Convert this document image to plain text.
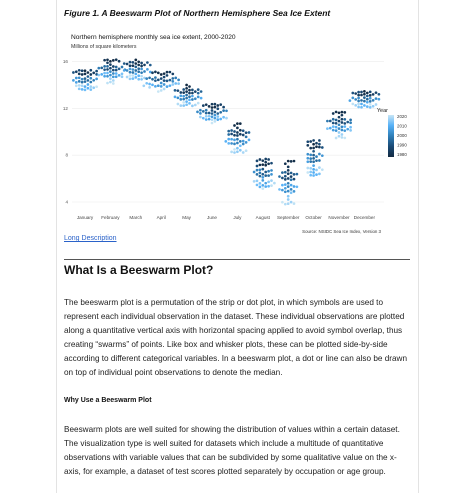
Figure 1. A Beeswarm Plot of Northern Hemisphere Sea Ice Extent
Northern hemisphere monthly sea ice extent, 2000-2020
Millions of square kilometers
4
8
12
16
January February March	April	May	June	July	August September October November December
Year
2020
2010
2000
1990
1980
Source: NSIDC Sea Ice Index, Version 3
Long Description
What Is a Beeswarm Plot?

The beeswarm plot is a permutation of the strip or dot plot, in which symbols are used to represent each individual observation in the dataset. These individual observations are plotted along a quantitative vertical axis with horizontal spacing applied to avoid symbol overlap, thus creating “swarms” of points. Like box and whisker plots, these can be plotted side-by-side according to different categorical variables. In a beeswarm plot, a dot or line can also be drawn on top of individual point observations to denote the median.

Why Use a Beeswarm Plot

Beeswarm plots are well suited for showing the distribution of values within a certain dataset. The visualization type is well suited for datasets which include a multitude of quantitative observations with variable values that can be subdivided by some qualitative value on the x-axis, for example, a dataset of test scores plotted separately by occupation or age group.
